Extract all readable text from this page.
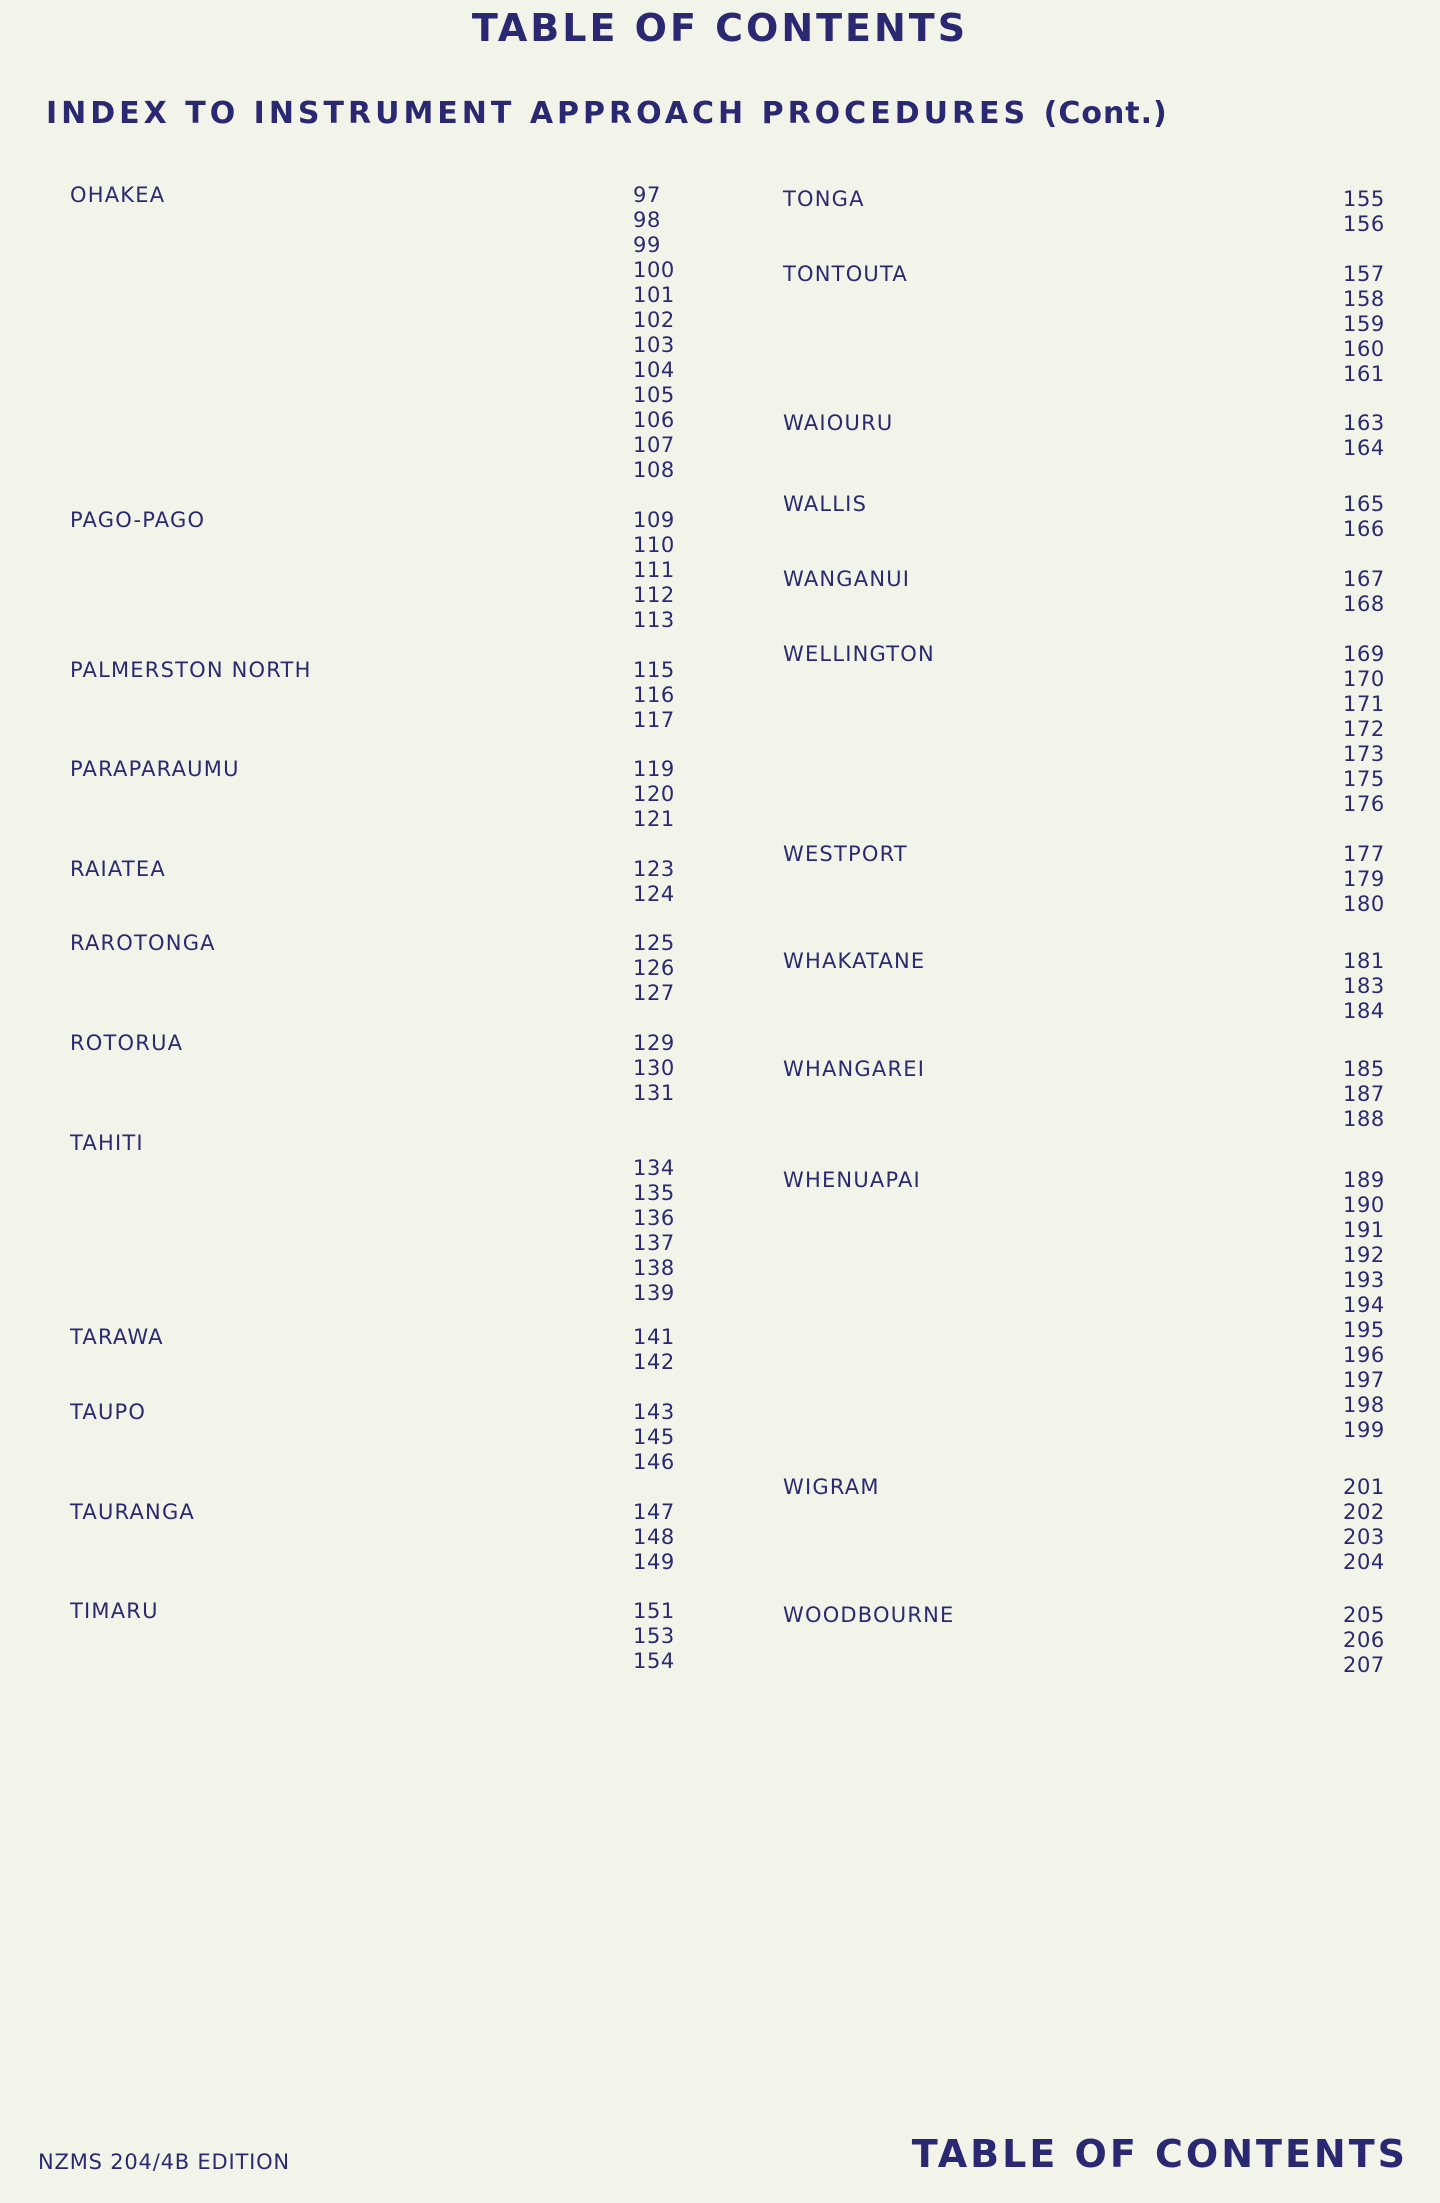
TABLE OF CONTENTS
INDEX TO INSTRUMENT APPROACH PROCEDURES (Cont.)
OHAKEA	97
98
99
100
101
102
103
104
105
106
107
108
PAGO-PAGO	109
110
111
112
113
PALMERSTON NORTH	115
116
117
PARAPARAUMU	119
120
121
RAIATEA	123
124
RAROTONGA	125
126
127
ROTORUA	129
130
131
TAHITI
134
135
136
137
138
139
TARAWA	141
142
TAUPO	143
145
146
TAURANGA	147
148
149
TIMARU	151
153
154
TONGA	155
156
TONTOUTA	157
158
159
160
161
WAIOURU	163
164
WALLIS	165
166
WANGANUI	167
168
WELLINGTON	169
170
171
172
173
175
176
WESTPORT	177
179
180
WHAKATANE	181
183
184
WHANGAREI	185
187
188
WHENUAPAI	189
190
191
192
193
194
195
196
197
198
199
WIGRAM	201
202
203
204
WOODBOURNE	205
206
207
NZMS 204/4B EDITION	TABLE OF CONTENTS
